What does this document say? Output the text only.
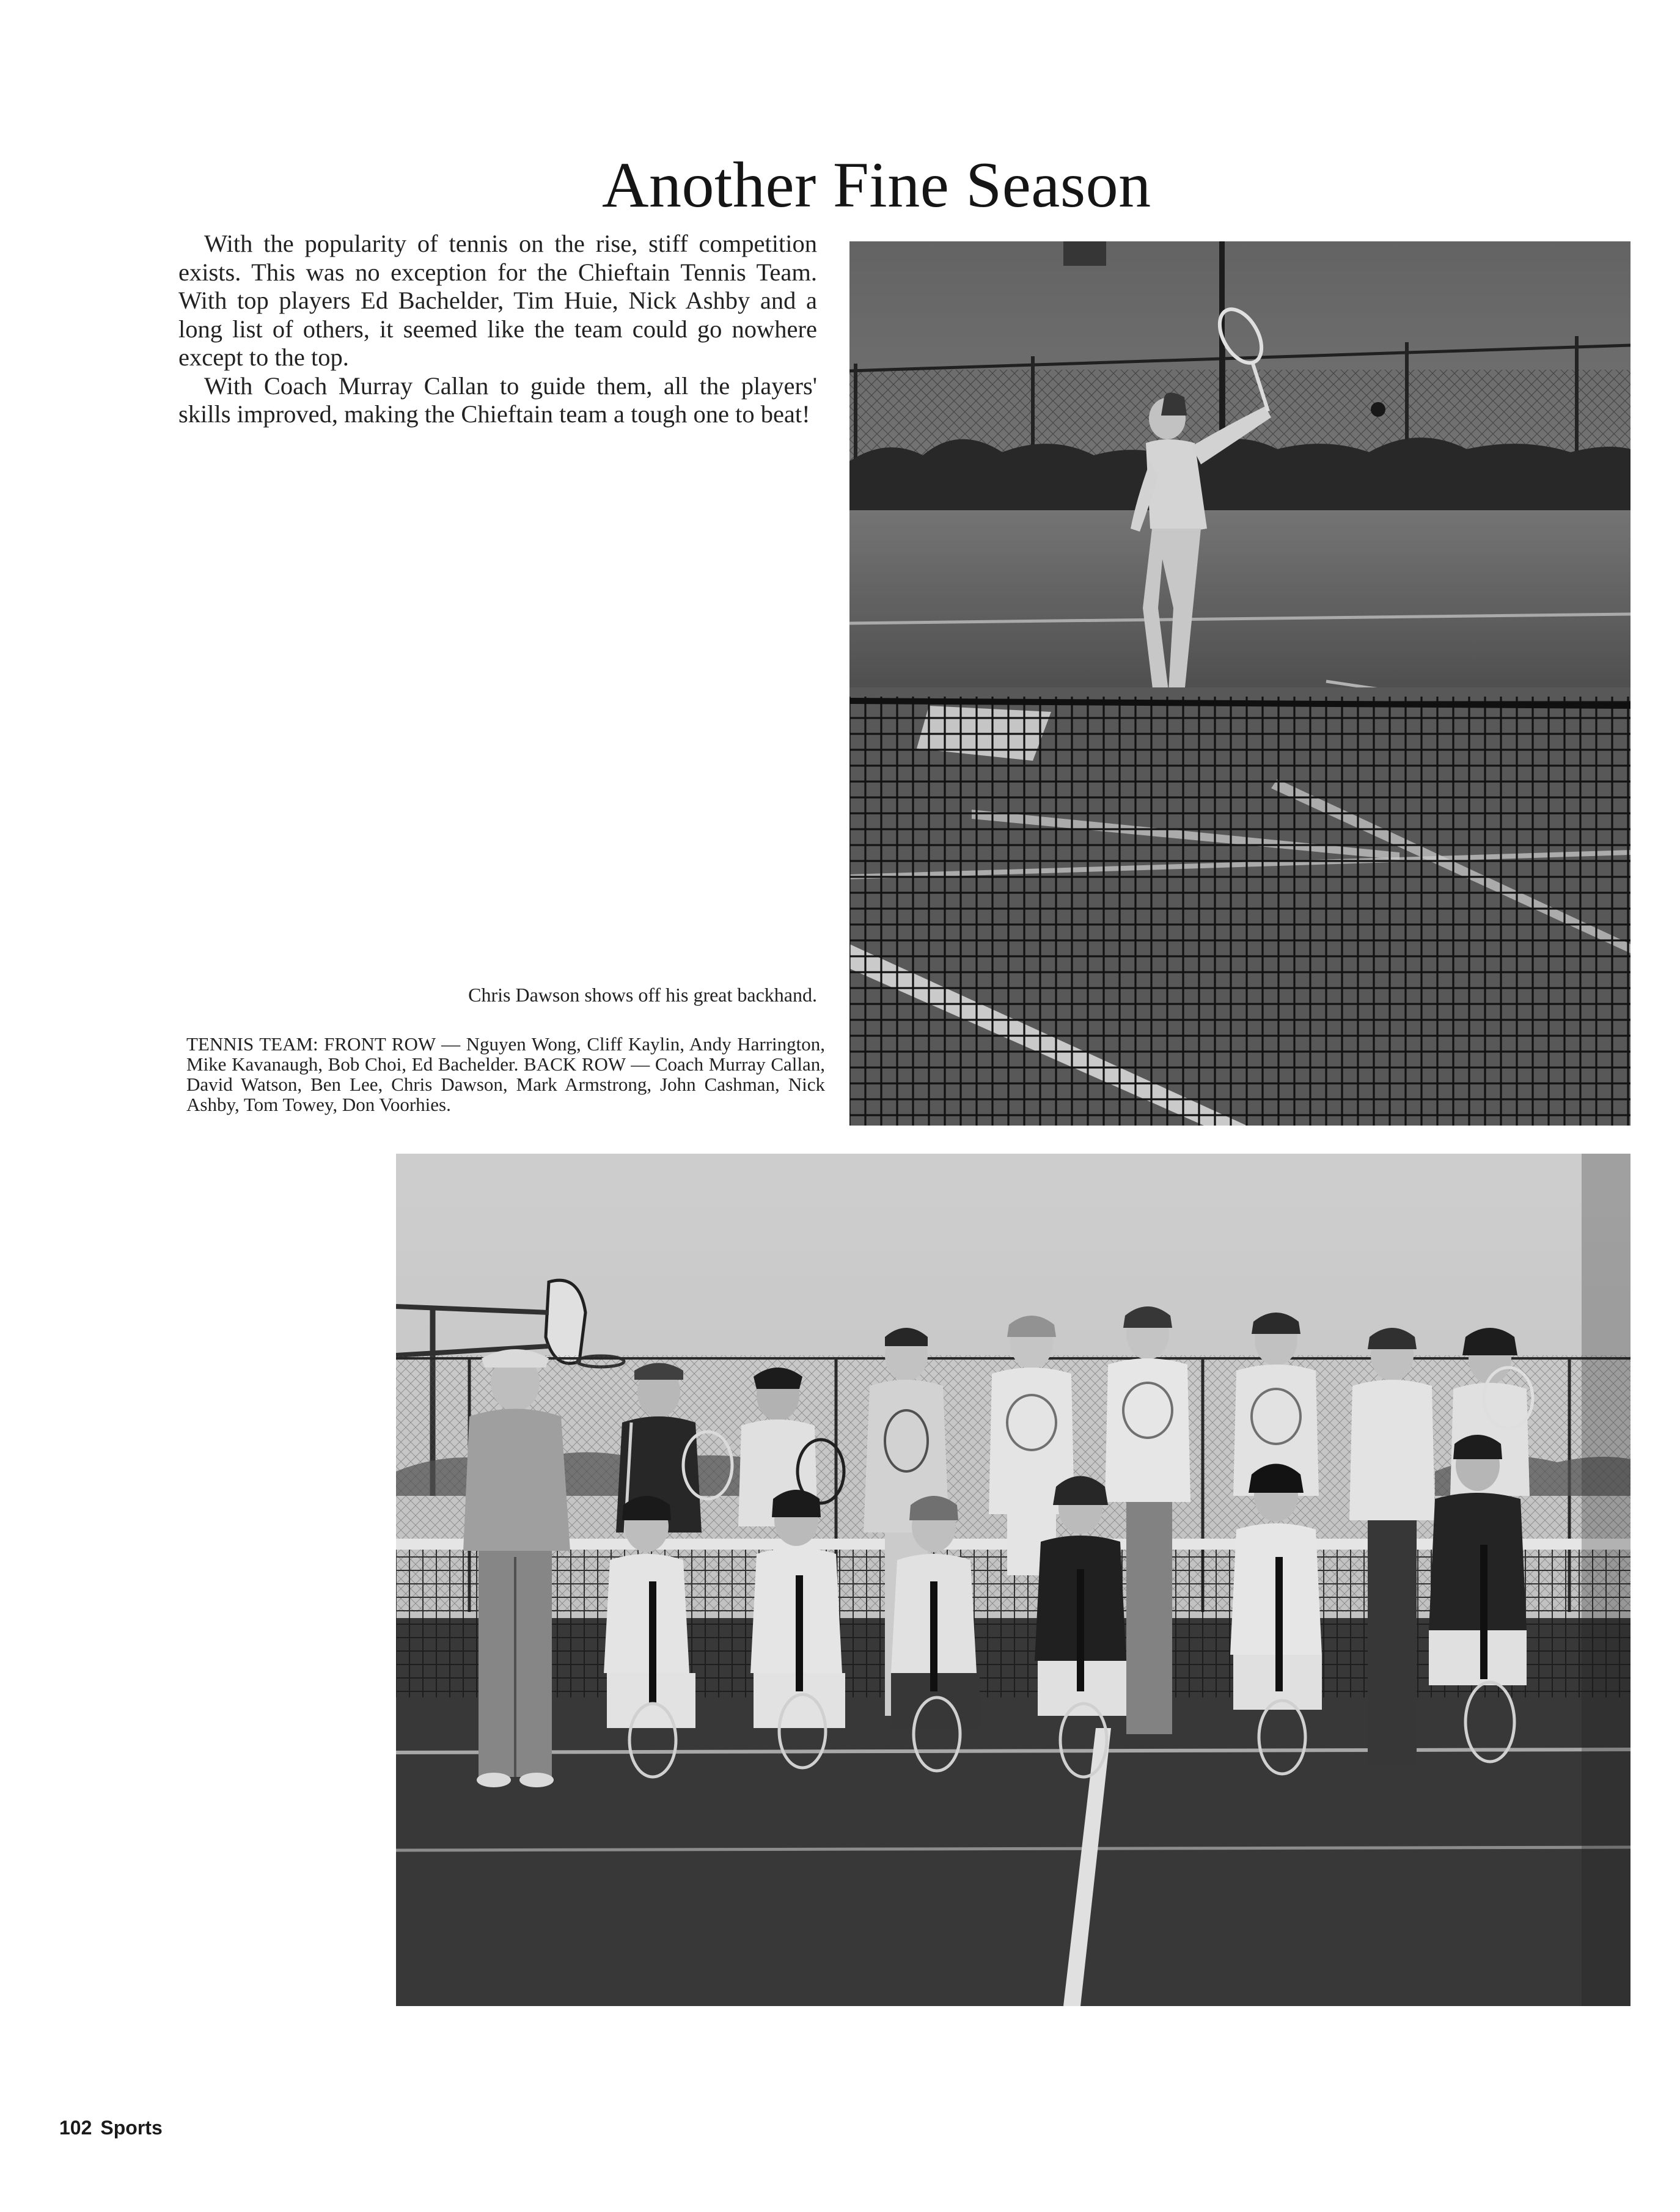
Another Fine Season

With the popularity of tennis on the rise, stiff competition exists. This was no exception for the Chieftain Tennis Team. With top players Ed Bachelder, Tim Huie, Nick Ashby and a long list of others, it seemed like the team could go nowhere except to the top.

With Coach Murray Callan to guide them, all the players' skills improved, making the Chieftain team a tough one to beat!

Chris Dawson shows off his great backhand.

TENNIS TEAM: FRONT ROW — Nguyen Wong, Cliff Kaylin, Andy Harrington, Mike Kavanaugh, Bob Choi, Ed Bachelder. BACK ROW — Coach Murray Callan, David Watson, Ben Lee, Chris Dawson, Mark Armstrong, John Cashman, Nick Ashby, Tom Towey, Don Voorhies.

102 Sports
